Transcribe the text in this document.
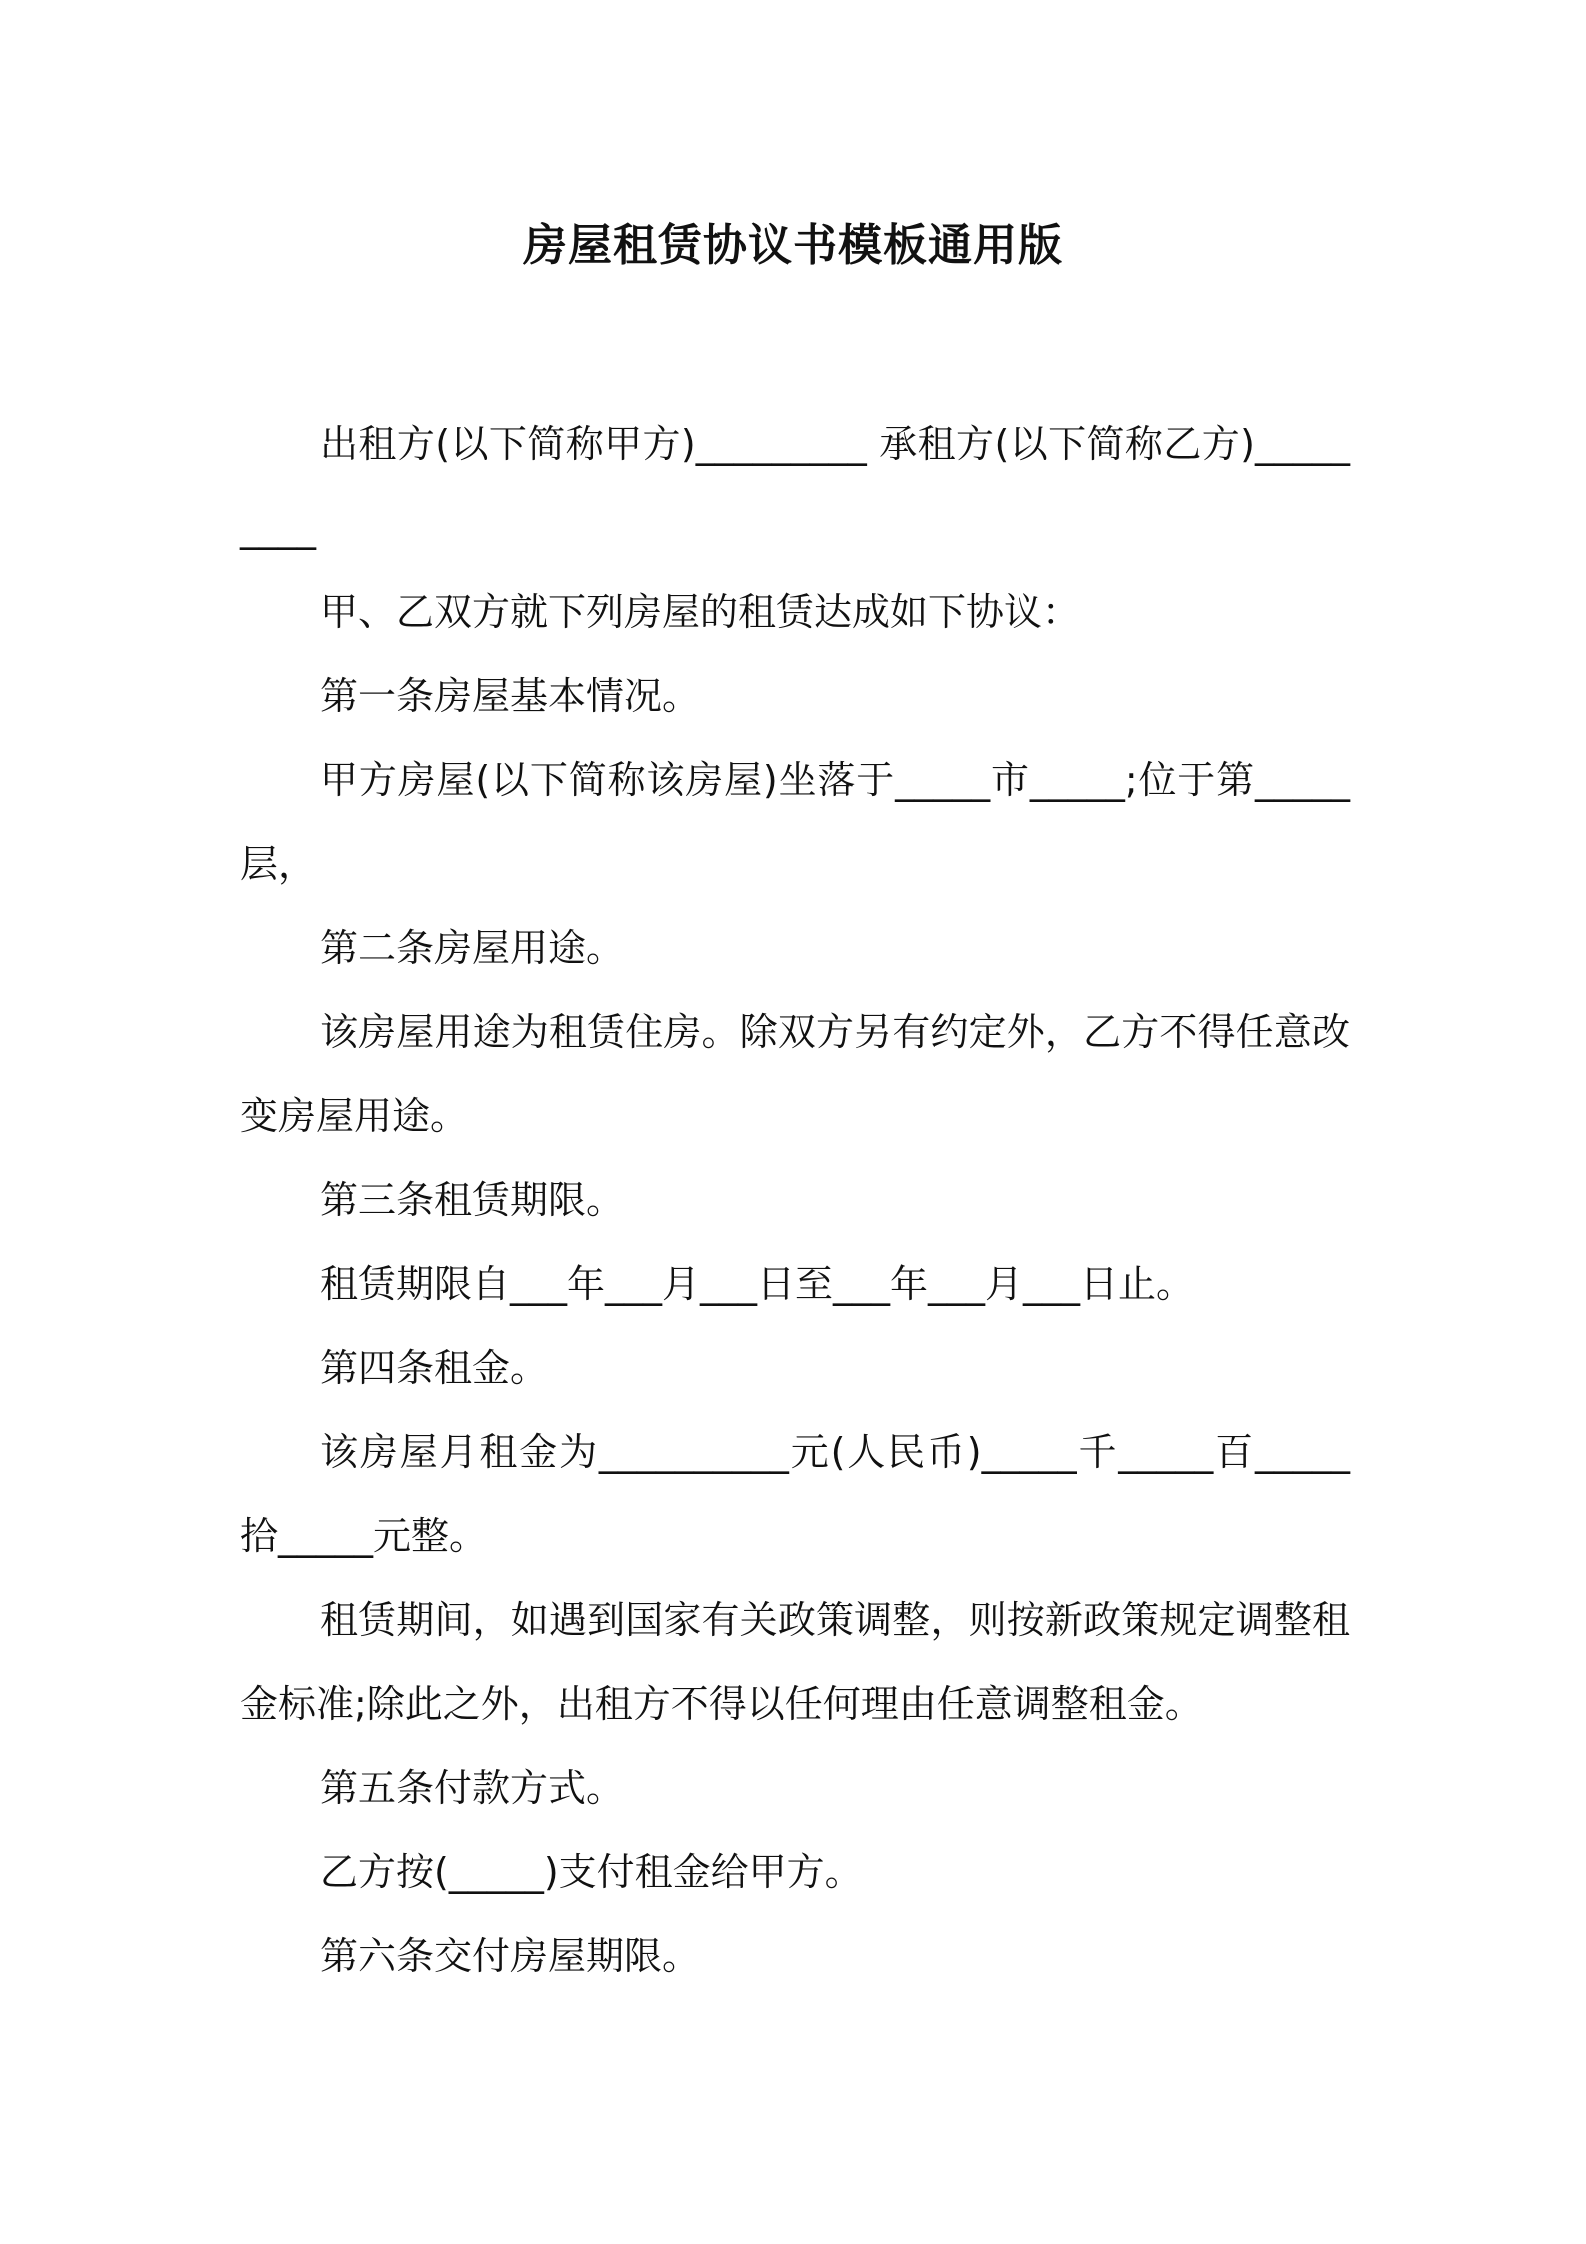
房屋租赁协议书模板通用版

出租方(以下简称甲方)_________ 承租方(以下简称乙方)_________

甲、乙双方就下列房屋的租赁达成如下协议：

第一条房屋基本情况。

甲方房屋(以下简称该房屋)坐落于_____市_____;位于第_____层，

第二条房屋用途。

该房屋用途为租赁住房。除双方另有约定外，乙方不得任意改变房屋用途。

第三条租赁期限。

租赁期限自___年___月___日至___年___月___日止。

第四条租金。

该房屋月租金为__________元(人民币)_____千_____百_____拾_____元整。

租赁期间，如遇到国家有关政策调整，则按新政策规定调整租金标准;除此之外，出租方不得以任何理由任意调整租金。

第五条付款方式。

乙方按(_____)支付租金给甲方。

第六条交付房屋期限。
